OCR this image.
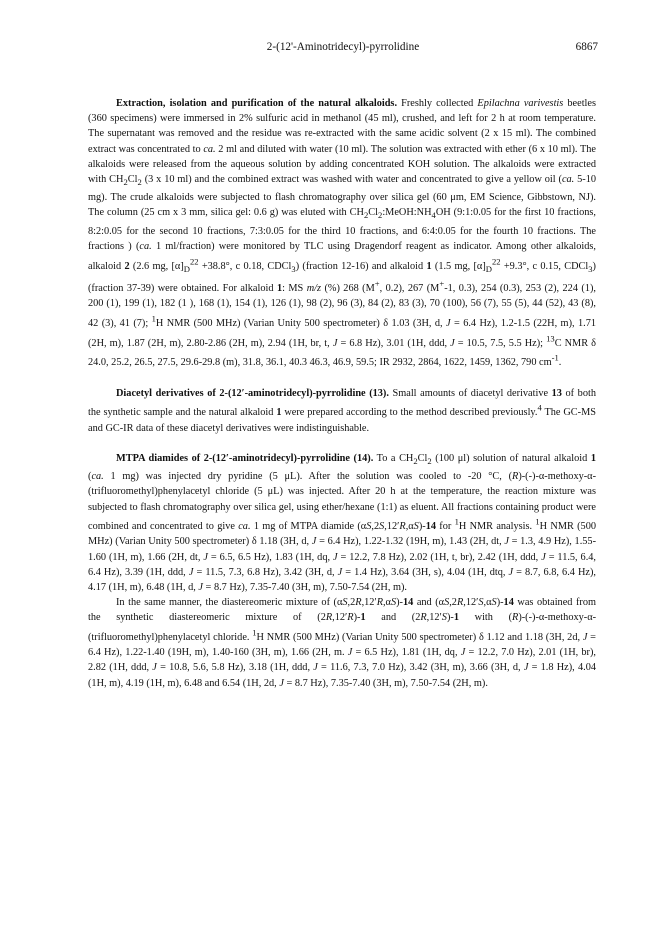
2-(12'-Aminotridecyl)-pyrrolidine	6867

Extraction, isolation and purification of the natural alkaloids. Freshly collected Epilachna varivestis beetles (360 specimens) were immersed in 2% sulfuric acid in methanol (45 ml), crushed, and left for 2 h at room temperature. The supernatant was removed and the residue was re-extracted with the same acidic solvent (2 x 15 ml). The combined extract was concentrated to ca. 2 ml and diluted with water (10 ml). The solution was extracted with ether (6 x 10 ml). The alkaloids were released from the aqueous solution by adding concentrated KOH solution. The alkaloids were extracted with $CH_2Cl_2$ (3 x 10 ml) and the combined extract was washed with water and concentrated to give a yellow oil (ca. 5-10 mg). The crude alkaloids were subjected to flash chromatography over silica gel (60 μm, EM Science, Gibbstown, NJ). The column (25 cm x 3 mm, silica gel: 0.6 g) was eluted with $CH_2Cl_2:MeOH:NH_4OH$ (9:1:0.05 for the first 10 fractions, 8:2:0.05 for the second 10 fractions, 7:3:0.05 for the third 10 fractions, and 6:4:0.05 for the fourth 10 fractions. The fractions ) (ca. 1 ml/fraction) were monitored by TLC using Dragendorf reagent as indicator. Among other alkaloids, alkaloid 2 (2.6 mg, $[\alpha]_D^{22} +38.8^\circ$, c 0.18, CDCl$_3$) (fraction 12-16) and alkaloid 1 (1.5 mg, $[\alpha]_D^{22} +9.3^\circ$, c 0.15, CDCl$_3$) (fraction 37-39) were obtained. For alkaloid 1: MS m/z (%) 268 (M+, 0.2), 267 (M+-1, 0.3), 254 (0.3), 253 (2), 224 (1), 200 (1), 199 (1), 182 (1 ), 168 (1), 154 (1), 126 (1), 98 (2), 96 (3), 84 (2), 83 (3), 70 (100), 56 (7), 55 (5), 44 (52), 43 (8), 42 (3), 41 (7); $^1$H NMR (500 MHz) (Varian Unity 500 spectrometer) δ 1.03 (3H, d, J = 6.4 Hz), 1.2-1.5 (22H, m), 1.71 (2H, m), 1.87 (2H, m), 2.80-2.86 (2H, m), 2.94 (1H, br, t, J = 6.8 Hz), 3.01 (1H, ddd, J = 10.5, 7.5, 5.5 Hz); $^{13}$C NMR δ 24.0, 25.2, 26.5, 27.5, 29.6-29.8 (m), 31.8, 36.1, 40.3 46.3, 46.9, 59.5; IR 2932, 2864, 1622, 1459, 1362, 790 $cm^{-1}$.

Diacetyl derivatives of 2-(12′-aminotridecyl)-pyrrolidine (13). Small amounts of diacetyl derivative 13 of both the synthetic sample and the natural alkaloid 1 were prepared according to the method described previously.$^4$ The GC-MS and GC-IR data of these diacetyl derivatives were indistinguishable.

MTPA diamides of 2-(12′-aminotridecyl)-pyrrolidine (14). To a $CH_2Cl_2$ (100 μl) solution of natural alkaloid 1 (ca. 1 mg) was injected dry pyridine (5 μL). After the solution was cooled to -20 °C, (R)-(-)-α-methoxy-α-(trifluoromethyl)phenylacetyl chloride (5 μL) was injected. After 20 h at the temperature, the reaction mixture was subjected to flash chromatography over silica gel, using ether/hexane (1:1) as eluent. All fractions containing product were combined and concentrated to give ca. 1 mg of MTPA diamide (αS,2S,12′R,αS)-14 for $^1$H NMR analysis. $^1$H NMR (500 MHz) (Varian Unity 500 spectrometer) δ 1.18 (3H, d, J = 6.4 Hz), 1.22-1.32 (19H, m), 1.43 (2H, dt, J = 1.3, 4.9 Hz), 1.55-1.60 (1H, m), 1.66 (2H, dt, J = 6.5, 6.5 Hz), 1.83 (1H, dq, J = 12.2, 7.8 Hz), 2.02 (1H, t, br), 2.42 (1H, ddd, J = 11.5, 6.4, 6.4 Hz), 3.39 (1H, ddd, J = 11.5, 7.3, 6.8 Hz), 3.42 (3H, d, J = 1.4 Hz), 3.64 (3H, s), 4.04 (1H, dtq, J = 8.7, 6.8, 6.4 Hz), 4.17 (1H, m), 6.48 (1H, d, J = 8.7 Hz), 7.35-7.40 (3H, m), 7.50-7.54 (2H, m).

In the same manner, the diastereomeric mixture of (αS,2R,12′R,αS)-14 and (αS,2R,12′S,αS)-14 was obtained from the synthetic diastereomeric mixture of (2R,12′R)-1 and (2R,12′S)-1 with (R)-(-)-α-methoxy-α-(trifluoromethyl)phenylacetyl chloride. $^1$H NMR (500 MHz) (Varian Unity 500 spectrometer) δ 1.12 and 1.18 (3H, 2d, J = 6.4 Hz), 1.22-1.40 (19H, m), 1.40-160 (3H, m), 1.66 (2H, m. J = 6.5 Hz), 1.81 (1H, dq, J = 12.2, 7.0 Hz), 2.01 (1H, br), 2.82 (1H, ddd, J = 10.8, 5.6, 5.8 Hz), 3.18 (1H, ddd, J = 11.6, 7.3, 7.0 Hz), 3.42 (3H, m), 3.66 (3H, d, J = 1.8 Hz), 4.04 (1H, m), 4.19 (1H, m), 6.48 and 6.54 (1H, 2d, J = 8.7 Hz), 7.35-7.40 (3H, m), 7.50-7.54 (2H, m).
